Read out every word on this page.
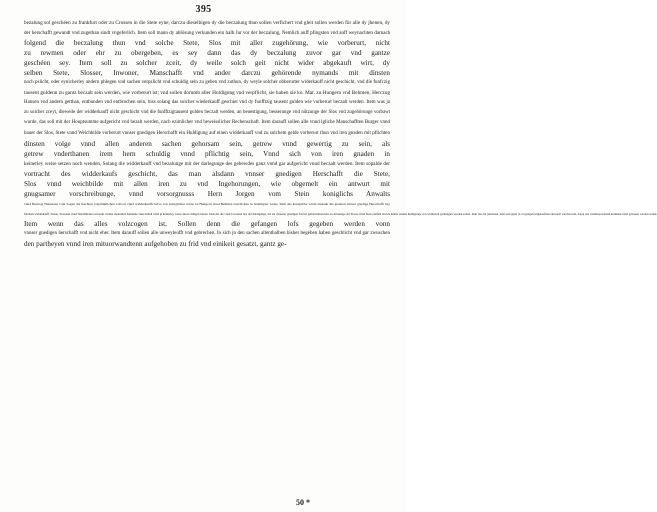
395
bezalung sol geschéen zu frankfurt oder zu Crossen in die Stete eyne, darczu dieselbigen dy die beczalung thun sollen verfichert vnd gleit sollen werden für alle dy jhenen, dy
der herschafft gewandt vnd zugethan sindt vngeferlich. Item soll mann dy ablösung verkunden ein halb Jar vor der beczalung, Nemlich auff pfingsten vnd auff weynachten darnach
folgend die beczalung thun vnd solche Stete, Slos mit aller zugehörung, wie vorberurt, nicht
zu rewmen oder ehr zu obergeben, es sey dann das dy beczalung zuvor gar vnd gantze
geschéen sey. Item soll zu solcher zceit, dy weile solch geit nicht wider abgekauft wirt, dy
selben Stete, Slosser, Inwoner, Manschafft vnd ander darczu gehörende nymands mit dinsten
noch pslicht, oder eynicherley andern phlegen vnd sachen verpslicht vnd schuldig sein zu geben vnd zuthun, dy weyle solcher obberurter widerkauff nicht geschicht, vnd die funfczig
tausent guldenn zu gantz beczalt sein werden, wie vorberurt ist; vnd sollen dorumb aller Huldigung vnd verpflicht, sie haben sie ko. Mat. zu Hungern vnd Behmen, Herczog
Hansen vnd andern getthan, entbunden vnd entbrochen sein, biss solang das solcher wiederkauff geschiet vnd dy funfftzig tausent gulden wie vorberurt beczalt werden. Item was ja
zu solcher zceyt, dieweile der widderkauff nicht geschicht vnd die funfftzigtausent gulden beczalt werden, an beuestigung, besserunge vnd nützunge der Slos vnd zugehörunge vorbawt
wurde, das soll mit der Houptsumme aufgericht vnd bezalt werden, nach ezimlicher vnd beweisslicher Rechenschaft. Item darauff sollen alle vnnd igliche Manschafften Burger vnnd
bauer der Slos, Stete vnnd Weichbilde vorberurt vnnser gnedigen Herschafft ein Huldigung auf einen widderkauff vnd zu solchem gelde vorberurt thun vnd iren gnaden mit pflichten
dinsten volge vnnd allen anderen sachen gehorsam sein, getrew vnnd gewertig zu sein, als
getrew vnderthanen irem hern schuldig vnnd pflichtig sein, Vnnd sich von iren gnaden in
keinerley weise setzen noch wenden, Solang die widderkauff vnd bezalunge mit der darlegunge des gebewdes ganz vnnd gar aufgericht vnnd beczalt werden. Item sopalde der
vortracht des widderkaufs geschicht, das man alsdann vnnser gnedigen Herschafft die Stete,
Slos vnnd weichbilde mit allen iren zu vnd Ingehorungen, wie obgemelt ein antwurt mit
gnugsamer vorschreibunge, vnnd vorsorgnusss Hern Jorgen vom Stein koniglichs Anwalts
vnnd Hertzog Hannszen vom Sagan die Rechten vrsprünklichen volbort vnnd widderkauffs brive von koniglicher wirde zu Hungern vnnd Behmen zuschicken in bestimpter weise. Item das konigliche wirde alsdann die guanten vnnser gnedige Herschafft bey
fulchem widderkauff, Steten, Slossenn vnnd Weichbilden vorberurt widder mennilich hanthabe vnnd behalt vnnd jn keinerley weise davon dringen lassen. Item das die vonn Crossenn bey der huldigunge, die sie vnnserer gnedigen frawen getban haben biss zu ablosunge der Slosse vnnd Stete pleiben vnd zu keiner andern huldigunge von widderteil gedrungen werden sollen. Item das ein jdermann, dem sein guter jn vorgangen krigsleufften entwerdt wurden sein, darzu ane widdersprechenn kommen vnnd gelassen werden sollen.
Item wenn das alles volzcogen ist, Sollen denn die gefangen lofs gegeben werden vonn
vnnser gnedigen herschafft vnd nicht eher. Item darauff sollen alle unweyleufft vnd gebrechen, fo sich jn den sachen allenthalben bisher begeben haben geschlicht vnd gar zwuschen
den partheyen vnnd iren mituorwandtenn aufgehoben zu frid vnd einikeit gesatzt, gantz ge-
50 *
